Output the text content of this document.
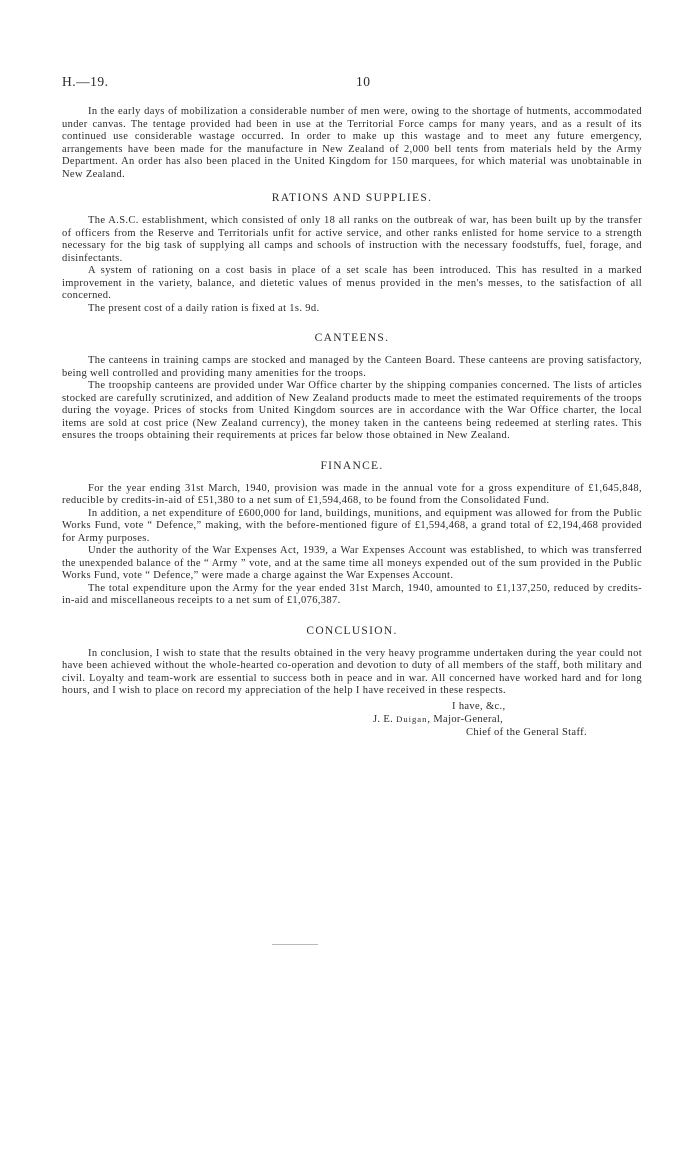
H.—19.	10

In the early days of mobilization a considerable number of men were, owing to the shortage of hutments, accommodated under canvas. The tentage provided had been in use at the Territorial Force camps for many years, and as a result of its continued use considerable wastage occurred. In order to make up this wastage and to meet any future emergency, arrangements have been made for the manufacture in New Zealand of 2,000 bell tents from materials held by the Army Department. An order has also been placed in the United Kingdom for 150 marquees, for which material was unobtainable in New Zealand.

RATIONS AND SUPPLIES.

The A.S.C. establishment, which consisted of only 18 all ranks on the outbreak of war, has been built up by the transfer of officers from the Reserve and Territorials unfit for active service, and other ranks enlisted for home service to a strength necessary for the big task of supplying all camps and schools of instruction with the necessary foodstuffs, fuel, forage, and disinfectants.

A system of rationing on a cost basis in place of a set scale has been introduced. This has resulted in a marked improvement in the variety, balance, and dietetic values of menus provided in the men's messes, to the satisfaction of all concerned.

The present cost of a daily ration is fixed at 1s. 9d.

CANTEENS.

The canteens in training camps are stocked and managed by the Canteen Board. These canteens are proving satisfactory, being well controlled and providing many amenities for the troops.

The troopship canteens are provided under War Office charter by the shipping companies concerned. The lists of articles stocked are carefully scrutinized, and addition of New Zealand products made to meet the estimated requirements of the troops during the voyage. Prices of stocks from United Kingdom sources are in accordance with the War Office charter, the local items are sold at cost price (New Zealand currency), the money taken in the canteens being redeemed at sterling rates. This ensures the troops obtaining their requirements at prices far below those obtained in New Zealand.

FINANCE.

For the year ending 31st March, 1940, provision was made in the annual vote for a gross expenditure of £1,645,848, reducible by credits-in-aid of £51,380 to a net sum of £1,594,468, to be found from the Consolidated Fund.

In addition, a net expenditure of £600,000 for land, buildings, munitions, and equipment was allowed for from the Public Works Fund, vote “ Defence,” making, with the before-mentioned figure of £1,594,468, a grand total of £2,194,468 provided for Army purposes.

Under the authority of the War Expenses Act, 1939, a War Expenses Account was established, to which was transferred the unexpended balance of the “ Army ” vote, and at the same time all moneys expended out of the sum provided in the Public Works Fund, vote “ Defence,” were made a charge against the War Expenses Account.

The total expenditure upon the Army for the year ended 31st March, 1940, amounted to £1,137,250, reduced by credits-in-aid and miscellaneous receipts to a net sum of £1,076,387.

CONCLUSION.

In conclusion, I wish to state that the results obtained in the very heavy programme undertaken during the year could not have been achieved without the whole-hearted co-operation and devotion to duty of all members of the staff, both military and civil. Loyalty and team-work are essential to success both in peace and in war. All concerned have worked hard and for long hours, and I wish to place on record my appreciation of the help I have received in these respects.

I have, &c.,
J. E. Duigan, Major-General,
Chief of the General Staff.
